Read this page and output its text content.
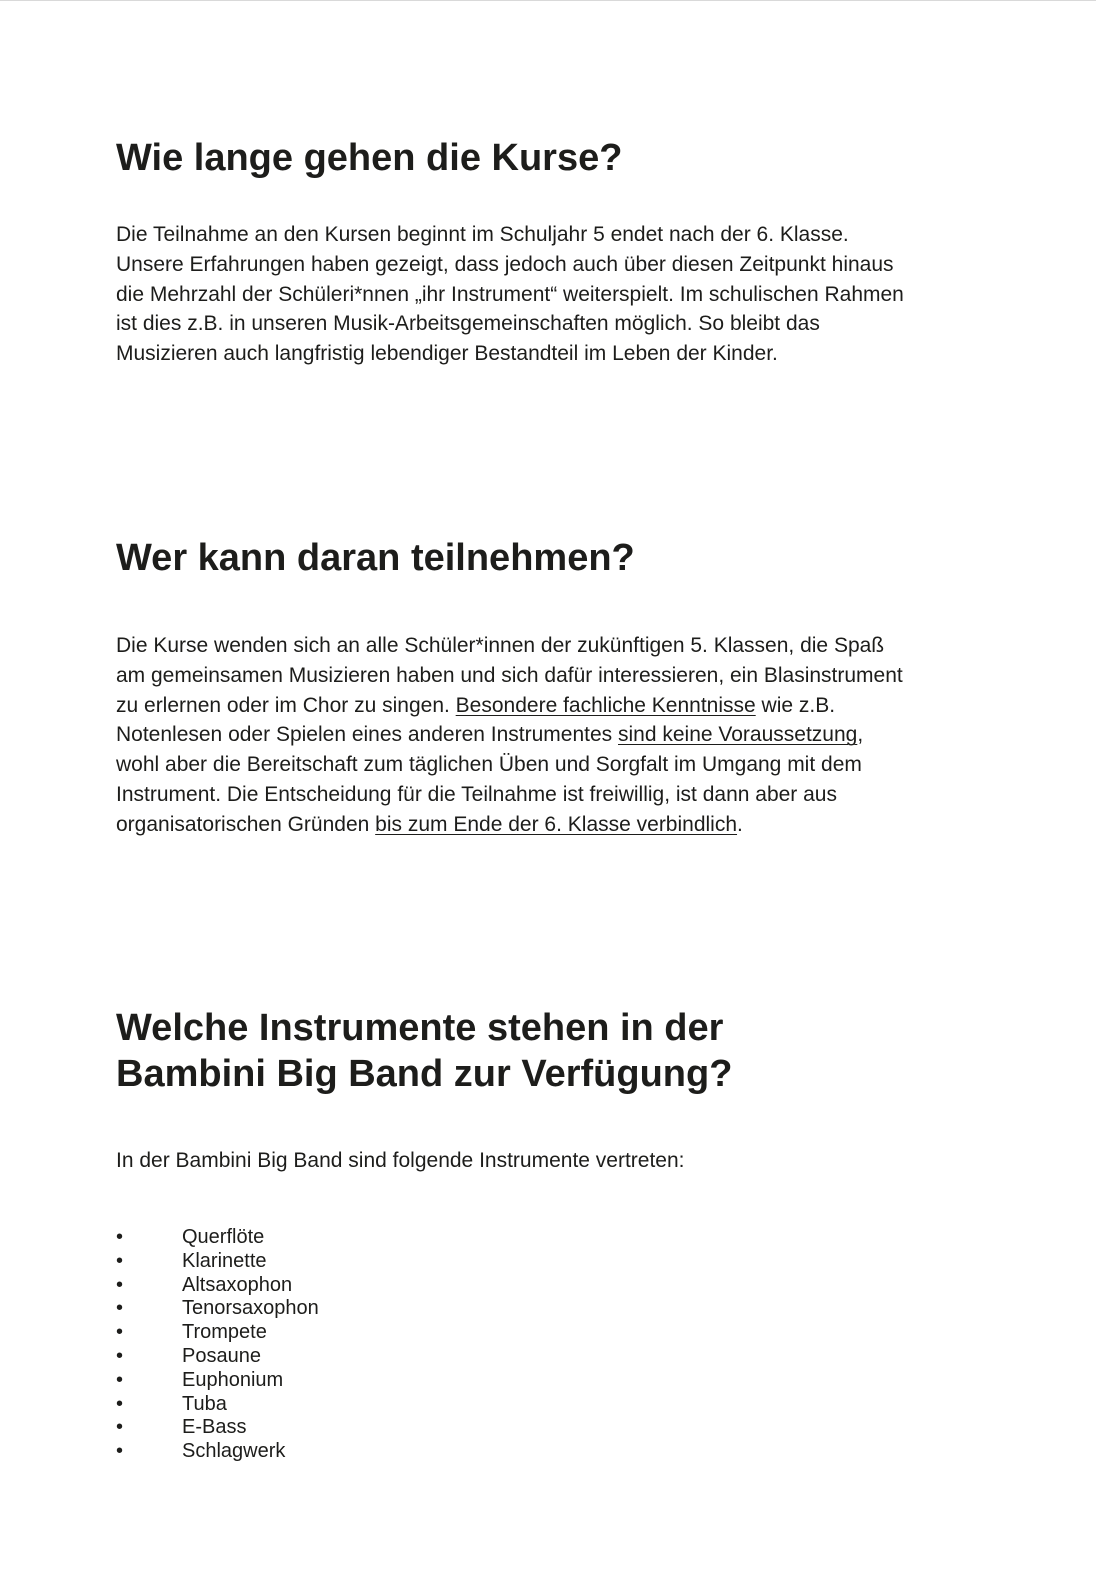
Wie lange gehen die Kurse?

Die Teilnahme an den Kursen beginnt im Schuljahr 5 endet nach der 6. Klasse. Unsere Erfahrungen haben gezeigt, dass jedoch auch über diesen Zeitpunkt hinaus die Mehrzahl der Schüleri*nnen „ihr Instrument“ weiterspielt. Im schulischen Rahmen ist dies z.B. in unseren Musik-Arbeitsgemeinschaften möglich. So bleibt das Musizieren auch langfristig lebendiger Bestandteil im Leben der Kinder.

Wer kann daran teilnehmen?

Die Kurse wenden sich an alle Schüler*innen der zukünftigen 5. Klassen, die Spaß am gemeinsamen Musizieren haben und sich dafür interessieren, ein Blasinstrument zu erlernen oder im Chor zu singen. Besondere fachliche Kenntnisse wie z.B. Notenlesen oder Spielen eines anderen Instrumentes sind keine Voraussetzung, wohl aber die Bereitschaft zum täglichen Üben und Sorgfalt im Umgang mit dem Instrument. Die Entscheidung für die Teilnahme ist freiwillig, ist dann aber aus organisatorischen Gründen bis zum Ende der 6. Klasse verbindlich.

Welche Instrumente stehen in der Bambini Big Band zur Verfügung?

In der Bambini Big Band sind folgende Instrumente vertreten:

•	Querflöte
•	Klarinette
•	Altsaxophon
•	Tenorsaxophon
•	Trompete
•	Posaune
•	Euphonium
•	Tuba
•	E-Bass
•	Schlagwerk
